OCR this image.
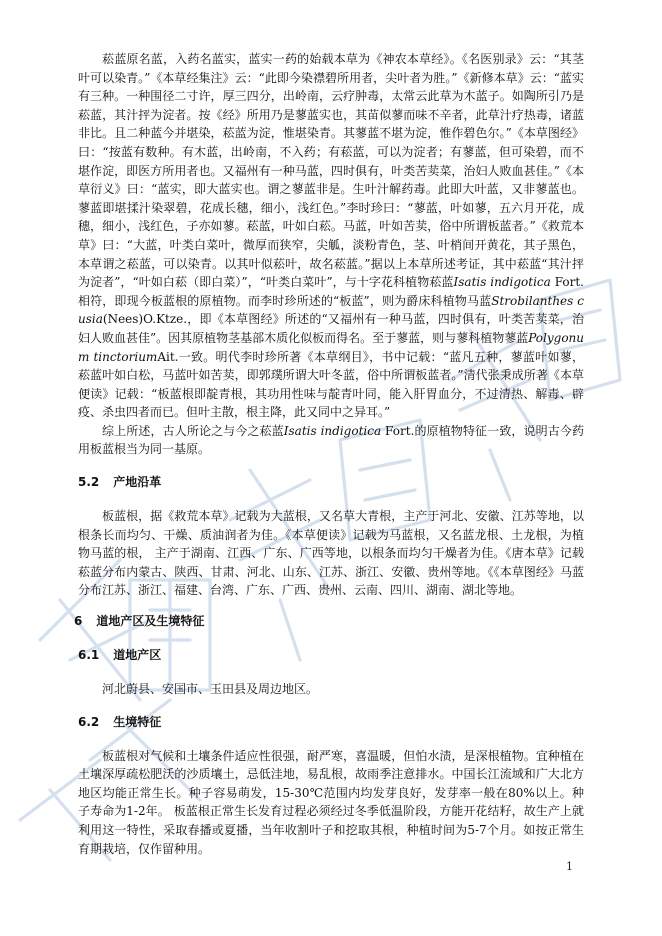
菘蓝原名蓝，入药名蓝实，蓝实一药的始载本草为《神农本草经》。《名医别录》云：“其茎叶可以染青。”《本草经集注》云：“此即今染襟碧所用者，尖叶者为胜。”《新修本草》云：“蓝实有三种。一种围径二寸许，厚三四分，出岭南，云疗肿毒，太常云此草为木蓝子。如陶所引乃是菘蓝，其汁抨为淀者。按《经》所用乃是蓼蓝实也，其苗似蓼而味不辛者，此草汁疗热毒，诸蓝非比。且二种蓝今并堪染，菘蓝为淀，惟堪染青。其蓼蓝不堪为淀，惟作碧色尔。”《本草图经》曰：“按蓝有数种。有木蓝，出岭南，不入药；有菘蓝，可以为淀者；有蓼蓝，但可染碧，而不堪作淀，即医方所用者也。又福州有一种马蓝，四时俱有，叶类苦荬菜，治妇人败血甚佳。”《本草衍义》曰：“蓝实，即大蓝实也。谓之蓼蓝非是。生叶汁解药毒。此即大叶蓝，又非蓼蓝也。蓼蓝即堪揉汁染翠碧，花成长穗，细小，浅红色。”李时珍曰：“蓼蓝，叶如蓼，五六月开花，成穗，细小，浅红色，子亦如蓼。菘蓝，叶如白菘。马蓝，叶如苦荬，俗中所谓板蓝者。”《救荒本草》曰：“大蓝，叶类白菜叶，微厚而狭窄，尖觚，淡粉青色，茎、叶梢间开黄花，其子黑色，本草谓之菘蓝，可以染青。以其叶似菘叶，故名菘蓝。”据以上本草所述考证，其中菘蓝“其汁抨为淀者”，“叶如白菘（即白菜）”，“叶类白菜叶”，与十字花科植物菘蓝Isatis indigotica Fort.相符，即现今板蓝根的原植物。而李时珍所述的“板蓝”，则为爵床科植物马蓝Strobilanthes cusia(Nees)O.Ktze.，即《本草图经》所述的“又福州有一种马蓝，四时俱有，叶类苦荬菜，治妇人败血甚佳”。因其原植物茎基部木质化似板而得名。至于蓼蓝，则与蓼科植物蓼蓝Polygonum tinctoriumAit.一致。明代李时珍所著《本草纲目》，书中记载：“蓝凡五种，蓼蓝叶如蓼，菘蓝叶如白松，马蓝叶如苦荬，即郭璞所谓大叶冬蓝，俗中所谓板蓝者。”清代张秉成所著《本草便读》记载：“板蓝根即靛青根，其功用性味与靛青叶同，能入肝胃血分，不过清热、解毒、辟疫、杀虫四者而已。但叶主散，根主降，此又同中之异耳。”

综上所述，古人所论之与今之菘蓝Isatis indigotica Fort.的原植物特征一致，说明古今药用板蓝根当为同一基原。

5.2 产地沿革

板蓝根，据《救荒本草》记载为大蓝根，又名草大青根，主产于河北、安徽、江苏等地，以根条长而均匀、干燥、质油润者为佳。《本草便读》记载为马蓝根，又名蓝龙根、土龙根，为植物马蓝的根， 主产于湖南、江西、广东、广西等地，以根条而均匀干燥者为佳。《唐本草》记载菘蓝分布内蒙古、陕西、甘肃、河北、山东、江苏、浙江、安徽、贵州等地。《《本草图经》马蓝分布江苏、浙江、福建、台湾、广东、广西、贵州、云南、四川、湖南、湖北等地。

6 道地产区及生境特征
6.1 道地产区

河北蔚县、安国市、玉田县及周边地区。

6.2 生境特征

板蓝根对气候和土壤条件适应性很强，耐严寒，喜温暖，但怕水渍，是深根植物。宜种植在土壤深厚疏松肥沃的沙质壤土，忌低洼地，易乱根，故雨季注意排水。中国长江流域和广大北方地区均能正常生长。种子容易萌发，15-30℃范围内均发芽良好，发芽率一般在80%以上。种子寿命为1-2年。 板蓝根正常生长发育过程必须经过冬季低温阶段，方能开花结籽，故生产上就利用这一特性，采取春播或夏播，当年收割叶子和挖取其根，种植时间为5-7个月。如按正常生育期栽培，仅作留种用。

1
